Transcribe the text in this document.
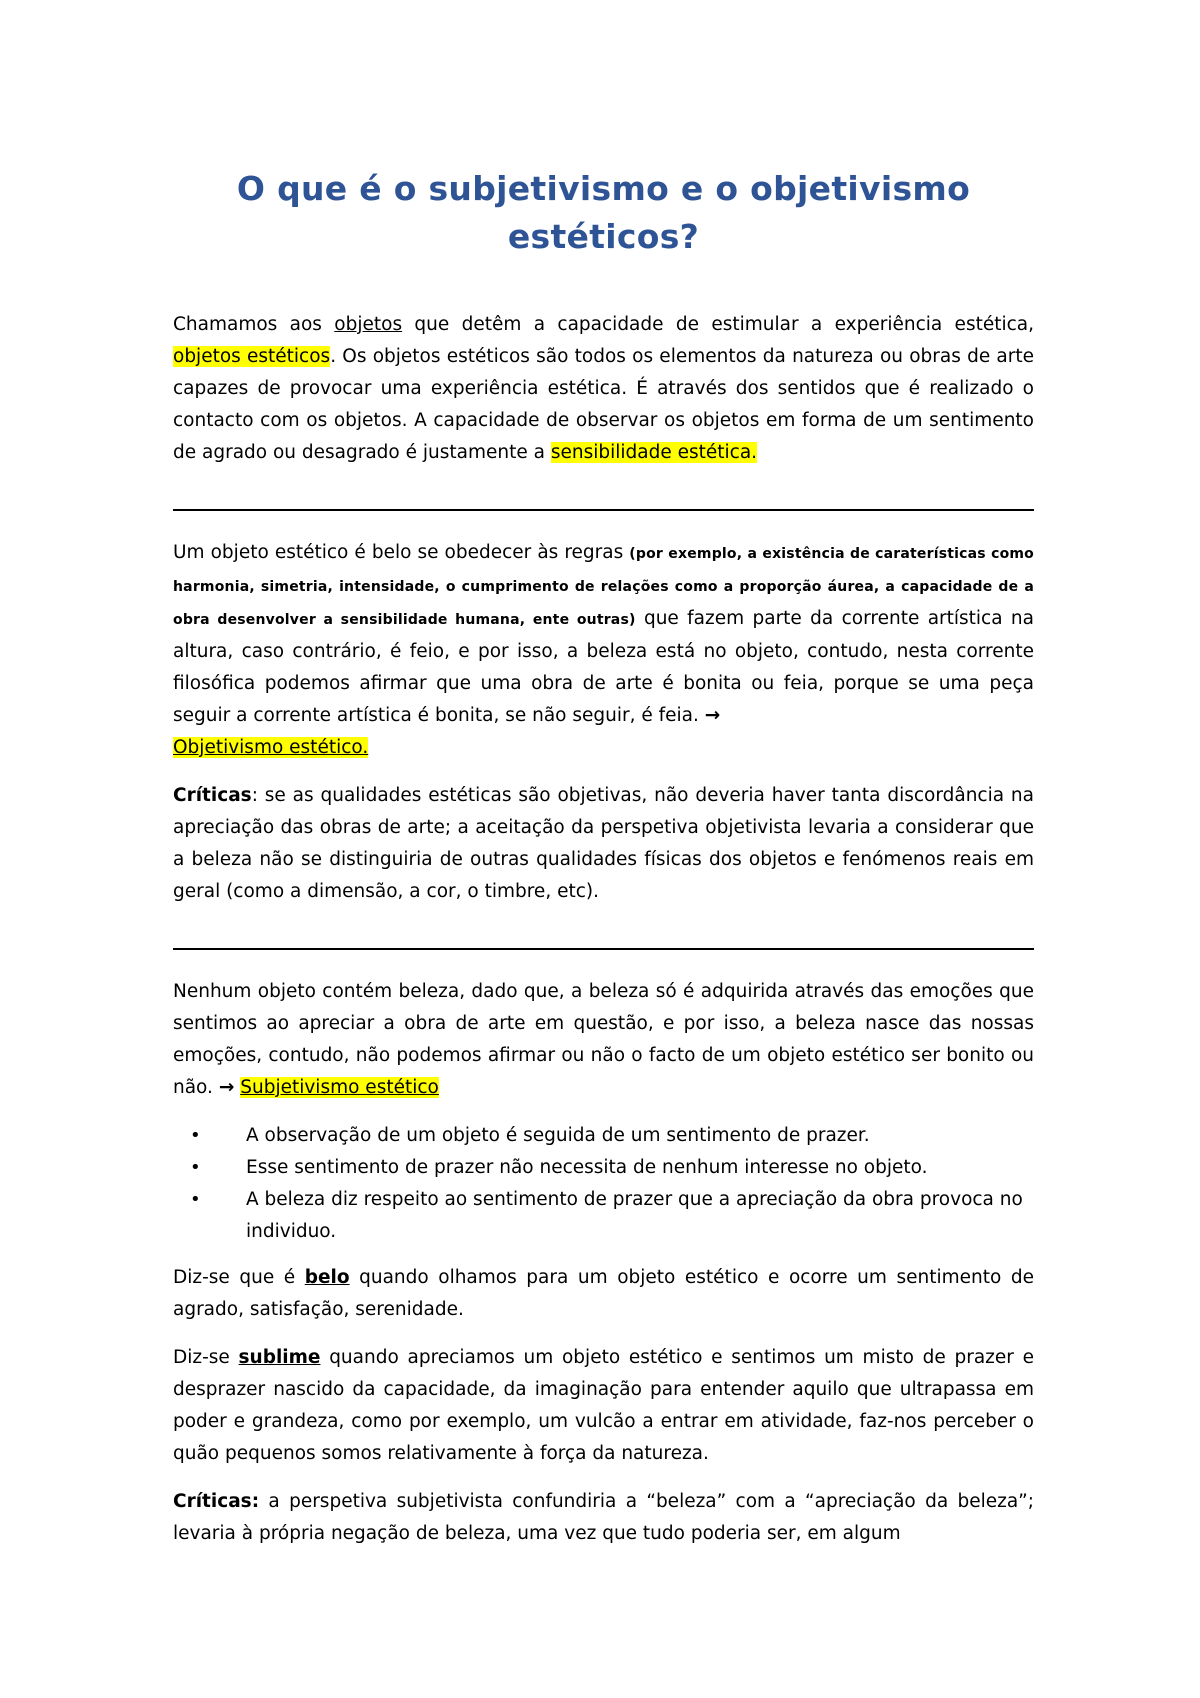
O que é o subjetivismo e o objetivismo estéticos?

Chamamos aos objetos que detêm a capacidade de estimular a experiência estética, objetos estéticos. Os objetos estéticos são todos os elementos da natureza ou obras de arte capazes de provocar uma experiência estética. É através dos sentidos que é realizado o contacto com os objetos. A capacidade de observar os objetos em forma de um sentimento de agrado ou desagrado é justamente a sensibilidade estética.

Um objeto estético é belo se obedecer às regras (por exemplo, a existência de caraterísticas como harmonia, simetria, intensidade, o cumprimento de relações como a proporção áurea, a capacidade de a obra desenvolver a sensibilidade humana, ente outras) que fazem parte da corrente artística na altura, caso contrário, é feio, e por isso, a beleza está no objeto, contudo, nesta corrente filosófica podemos afirmar que uma obra de arte é bonita ou feia, porque se uma peça seguir a corrente artística é bonita, se não seguir, é feia. →
Objetivismo estético.

Críticas: se as qualidades estéticas são objetivas, não deveria haver tanta discordância na apreciação das obras de arte; a aceitação da perspetiva objetivista levaria a considerar que a beleza não se distinguiria de outras qualidades físicas dos objetos e fenómenos reais em geral (como a dimensão, a cor, o timbre, etc).

Nenhum objeto contém beleza, dado que, a beleza só é adquirida através das emoções que sentimos ao apreciar a obra de arte em questão, e por isso, a beleza nasce das nossas emoções, contudo, não podemos afirmar ou não o facto de um objeto estético ser bonito ou não. → Subjetivismo estético

• A observação de um objeto é seguida de um sentimento de prazer.
• Esse sentimento de prazer não necessita de nenhum interesse no objeto.
• A beleza diz respeito ao sentimento de prazer que a apreciação da obra provoca no individuo.

Diz-se que é belo quando olhamos para um objeto estético e ocorre um sentimento de agrado, satisfação, serenidade.

Diz-se sublime quando apreciamos um objeto estético e sentimos um misto de prazer e desprazer nascido da capacidade, da imaginação para entender aquilo que ultrapassa em poder e grandeza, como por exemplo, um vulcão a entrar em atividade, faz-nos perceber o quão pequenos somos relativamente à força da natureza.

Críticas: a perspetiva subjetivista confundiria a “beleza” com a “apreciação da beleza”; levaria à própria negação de beleza, uma vez que tudo poderia ser, em algum
